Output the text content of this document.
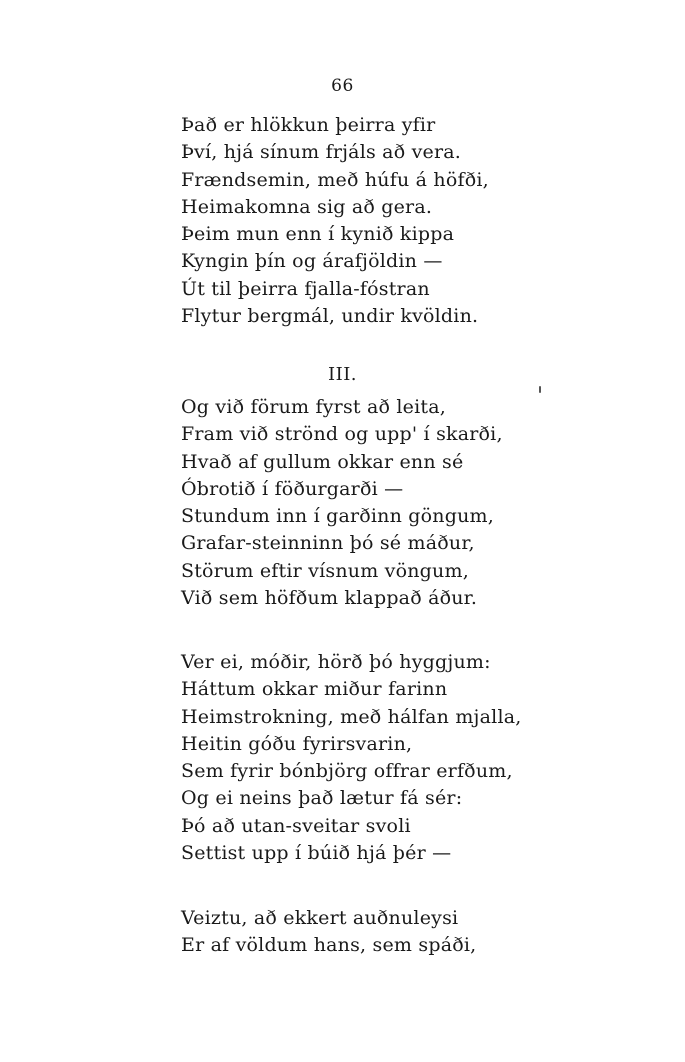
66
Það er hlökkun þeirra yfir
Því, hjá sínum frjáls að vera.
Frændsemin, með húfu á höfði,
Heimakomna sig að gera.
Þeim mun enn í kynið kippa
Kyngin þín og árafjöldin —
Út til þeirra fjalla-fóstran
Flytur bergmál, undir kvöldin.
III.
Og við förum fyrst að leita,
Fram við strönd og upp' í skarði,
Hvað af gullum okkar enn sé
Óbrotið í föðurgarði —
Stundum inn í garðinn göngum,
Grafar-steinninn þó sé máður,
Störum eftir vísnum vöngum,
Við sem höfðum klappað áður.
Ver ei, móðir, hörð þó hyggjum:
Háttum okkar miður farinn
Heimstrokning, með hálfan mjalla,
Heitin góðu fyrirsvarin,
Sem fyrir bónbjörg offrar erfðum,
Og ei neins það lætur fá sér:
Þó að utan-sveitar svoli
Settist upp í búið hjá þér —
Veiztu, að ekkert auðnuleysi
Er af völdum hans, sem spáði,
